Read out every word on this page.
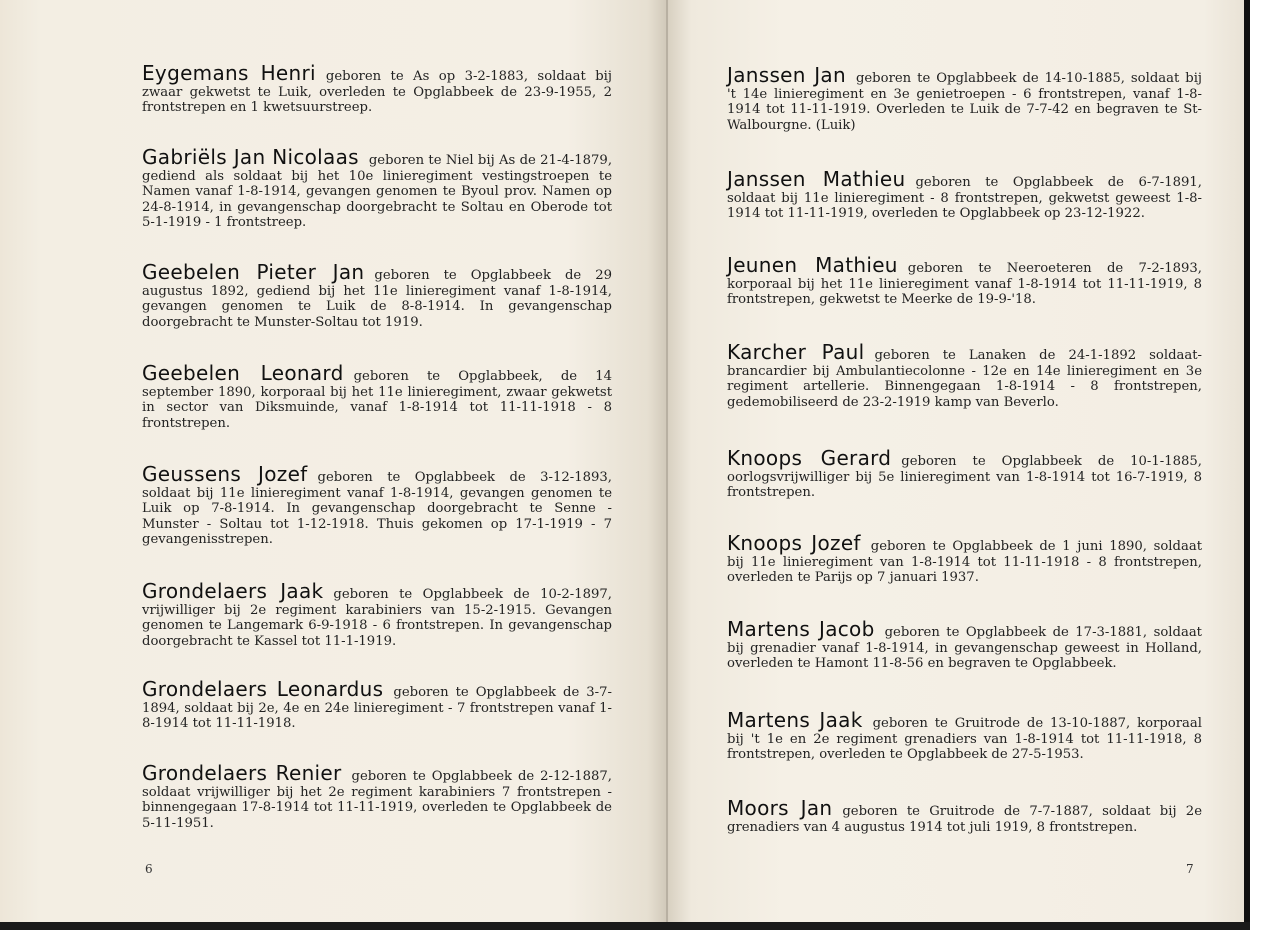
Eygemans Henri geboren te As op 3-2-1883, soldaat bij zwaar gekwetst te Luik, overleden te Opglabbeek de 23-9-1955, 2 frontstrepen en 1 kwetsuurstreep.

Gabriëls Jan Nicolaas geboren te Niel bij As de 21-4-1879, gediend als soldaat bij het 10e linieregiment vestingstroepen te Namen vanaf 1-8-1914, gevangen genomen te Byoul prov. Namen op 24-8-1914, in gevangenschap doorgebracht te Soltau en Oberode tot 5-1-1919 - 1 frontstreep.

Geebelen Pieter Jan geboren te Opglabbeek de 29 augustus 1892, gediend bij het 11e linieregiment vanaf 1-8-1914, gevangen genomen te Luik de 8-8-1914. In gevangenschap doorgebracht te Munster-Soltau tot 1919.

Geebelen Leonard geboren te Opglabbeek, de 14 september 1890, korporaal bij het 11e linieregiment, zwaar gekwetst in sector van Diksmuinde, vanaf 1-8-1914 tot 11-11-1918 - 8 frontstrepen.

Geussens Jozef geboren te Opglabbeek de 3-12-1893, soldaat bij 11e linieregiment vanaf 1-8-1914, gevangen genomen te Luik op 7-8-1914. In gevangenschap doorgebracht te Senne - Munster - Soltau tot 1-12-1918. Thuis gekomen op 17-1-1919 - 7 gevangenisstrepen.

Grondelaers Jaak geboren te Opglabbeek de 10-2-1897, vrijwilliger bij 2e regiment karabiniers van 15-2-1915. Gevangen genomen te Langemark 6-9-1918 - 6 frontstrepen. In gevangenschap doorgebracht te Kassel tot 11-1-1919.

Grondelaers Leonardus geboren te Opglabbeek de 3-7-1894, soldaat bij 2e, 4e en 24e linieregiment - 7 frontstrepen vanaf 1-8-1914 tot 11-11-1918.

Grondelaers Renier geboren te Opglabbeek de 2-12-1887, soldaat vrijwilliger bij het 2e regiment karabiniers 7 frontstrepen - binnengegaan 17-8-1914 tot 11-11-1919, overleden te Opglabbeek de 5-11-1951.

6

Janssen Jan geboren te Opglabbeek de 14-10-1885, soldaat bij 't 14e linieregiment en 3e genietroepen - 6 frontstrepen, vanaf 1-8-1914 tot 11-11-1919. Overleden te Luik de 7-7-42 en begraven te St-Walbourgne. (Luik)

Janssen Mathieu geboren te Opglabbeek de 6-7-1891, soldaat bij 11e linieregiment - 8 frontstrepen, gekwetst geweest 1-8-1914 tot 11-11-1919, overleden te Opglabbeek op 23-12-1922.

Jeunen Mathieu geboren te Neeroeteren de 7-2-1893, korporaal bij het 11e linieregiment vanaf 1-8-1914 tot 11-11-1919, 8 frontstrepen, gekwetst te Meerke de 19-9-'18.

Karcher Paul geboren te Lanaken de 24-1-1892 soldaat-brancardier bij Ambulantiecolonne - 12e en 14e linieregiment en 3e regiment artellerie. Binnengegaan 1-8-1914 - 8 frontstrepen, gedemobiliseerd de 23-2-1919 kamp van Beverlo.

Knoops Gerard geboren te Opglabbeek de 10-1-1885, oorlogsvrijwilliger bij 5e linieregiment van 1-8-1914 tot 16-7-1919, 8 frontstrepen.

Knoops Jozef geboren te Opglabbeek de 1 juni 1890, soldaat bij 11e linieregiment van 1-8-1914 tot 11-11-1918 - 8 frontstrepen, overleden te Parijs op 7 januari 1937.

Martens Jacob geboren te Opglabbeek de 17-3-1881, soldaat bij grenadier vanaf 1-8-1914, in gevangenschap geweest in Holland, overleden te Hamont 11-8-56 en begraven te Opglabbeek.

Martens Jaak geboren te Gruitrode de 13-10-1887, korporaal bij 't 1e en 2e regiment grenadiers van 1-8-1914 tot 11-11-1918, 8 frontstrepen, overleden te Opglabbeek de 27-5-1953.

Moors Jan geboren te Gruitrode de 7-7-1887, soldaat bij 2e grenadiers van 4 augustus 1914 tot juli 1919, 8 frontstrepen.

7
